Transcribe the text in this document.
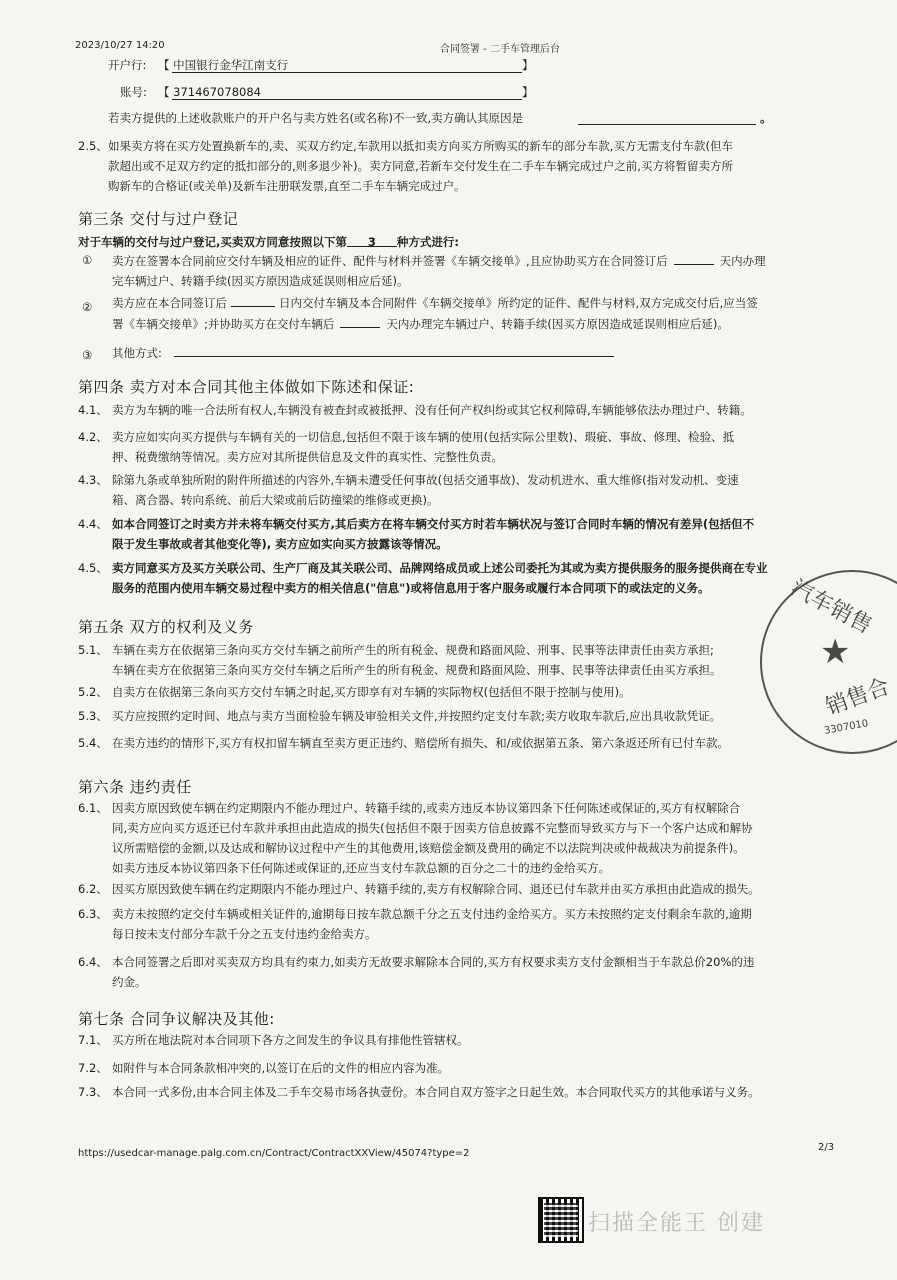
2023/10/27 14:20	合同签署 - 二手车管理后台
开户行: 【 中国银行金华江南支行	】
账号: 【 371467078084	】
若卖方提供的上述收款账户的开户名与卖方姓名(或名称)不一致,卖方确认其原因是	。
2.5、 如果卖方将在买方处置换新车的,卖、买双方约定,车款用以抵扣卖方向买方所购买的新车的部分车款,买方无需支付车款(但车
款超出或不足双方约定的抵扣部分的,则多退少补)。卖方同意,若新车交付发生在二手车车辆完成过户之前,买方将暂留卖方所
购新车的合格证(或关单)及新车注册联发票,直至二手车车辆完成过户。
第三条 交付与过户登记
对于车辆的交付与过户登记,买卖双方同意按照以下第 3 种方式进行:
① 卖方在签署本合同前应交付车辆及相应的证件、配件与材料并签署《车辆交接单》,且应协助买方在合同签订后	天内办理
完车辆过户、转籍手续(因买方原因造成延误则相应后延)。
② 卖方应在本合同签订后	日内交付车辆及本合同附件《车辆交接单》所约定的证件、配件与材料,双方完成交付后,应当签
署《车辆交接单》;并协助买方在交付车辆后	天内办理完车辆过户、转籍手续(因买方原因造成延误则相应后延)。
③ 其他方式:
第四条 卖方对本合同其他主体做如下陈述和保证:
4.1、 卖方为车辆的唯一合法所有权人,车辆没有被查封或被抵押、没有任何产权纠纷或其它权利障碍,车辆能够依法办理过户、转籍。
4.2、 卖方应如实向买方提供与车辆有关的一切信息,包括但不限于该车辆的使用(包括实际公里数)、瑕疵、事故、修理、检验、抵
押、税费缴纳等情况。卖方应对其所提供信息及文件的真实性、完整性负责。
4.3、 除第九条或单独所附的附件所描述的内容外,车辆未遭受任何事故(包括交通事故)、发动机进水、重大维修(指对发动机、变速
箱、离合器、转向系统、前后大梁或前后防撞梁的维修或更换)。
4.4、 如本合同签订之时卖方并未将车辆交付买方,其后卖方在将车辆交付买方时若车辆状况与签订合同时车辆的情况有差异(包括但不
限于发生事故或者其他变化等), 卖方应如实向买方披露该等情况。
4.5、 卖方同意买方及买方关联公司、生产厂商及其关联公司、品牌网络成员或上述公司委托为其或为卖方提供服务的服务提供商在专业
服务的范围内使用车辆交易过程中卖方的相关信息("信息")或将信息用于客户服务或履行本合同项下的或法定的义务。
第五条 双方的权利及义务
5.1、 车辆在卖方在依据第三条向买方交付车辆之前所产生的所有税金、规费和路面风险、刑事、民事等法律责任由卖方承担;
车辆在卖方在依据第三条向买方交付车辆之后所产生的所有税金、规费和路面风险、刑事、民事等法律责任由买方承担。
5.2、 自卖方在依据第三条向买方交付车辆之时起,买方即享有对车辆的实际物权(包括但不限于控制与使用)。
5.3、 买方应按照约定时间、地点与卖方当面检验车辆及审验相关文件,并按照约定支付车款;卖方收取车款后,应出具收款凭证。
5.4、 在卖方违约的情形下,买方有权扣留车辆直至卖方更正违约、赔偿所有损失、和/或依据第五条、第六条返还所有已付车款。
第六条 违约责任
6.1、 因卖方原因致使车辆在约定期限内不能办理过户、转籍手续的,或卖方违反本协议第四条下任何陈述或保证的,买方有权解除合
同,卖方应向买方返还已付车款并承担由此造成的损失(包括但不限于因卖方信息披露不完整而导致买方与下一个客户达成和解协
议所需赔偿的金额,以及达成和解协议过程中产生的其他费用,该赔偿金额及费用的确定不以法院判决或仲裁裁决为前提条件)。
如卖方违反本协议第四条下任何陈述或保证的,还应当支付车款总额的百分之二十的违约金给买方。
6.2、 因买方原因致使车辆在约定期限内不能办理过户、转籍手续的,卖方有权解除合同、退还已付车款并由买方承担由此造成的损失。
6.3、 卖方未按照约定交付车辆或相关证件的,逾期每日按车款总额千分之五支付违约金给买方。买方未按照约定支付剩余车款的,逾期
每日按未支付部分车款千分之五支付违约金给卖方。
6.4、 本合同签署之后即对买卖双方均具有约束力,如卖方无故要求解除本合同的,买方有权要求卖方支付金额相当于车款总价20%的违
约金。
第七条 合同争议解决及其他:
7.1、 买方所在地法院对本合同项下各方之间发生的争议具有排他性管辖权。
7.2、 如附件与本合同条款相冲突的,以签订在后的文件的相应内容为准。
7.3、 本合同一式多份,由本合同主体及二手车交易市场各执壹份。本合同自双方签字之日起生效。本合同取代买方的其他承诺与义务。
https://usedcar-manage.palg.com.cn/Contract/ContractXXView/45074?type=2
2/3
汽车销售
★
销售合
3307010
扫描全能王 创建
